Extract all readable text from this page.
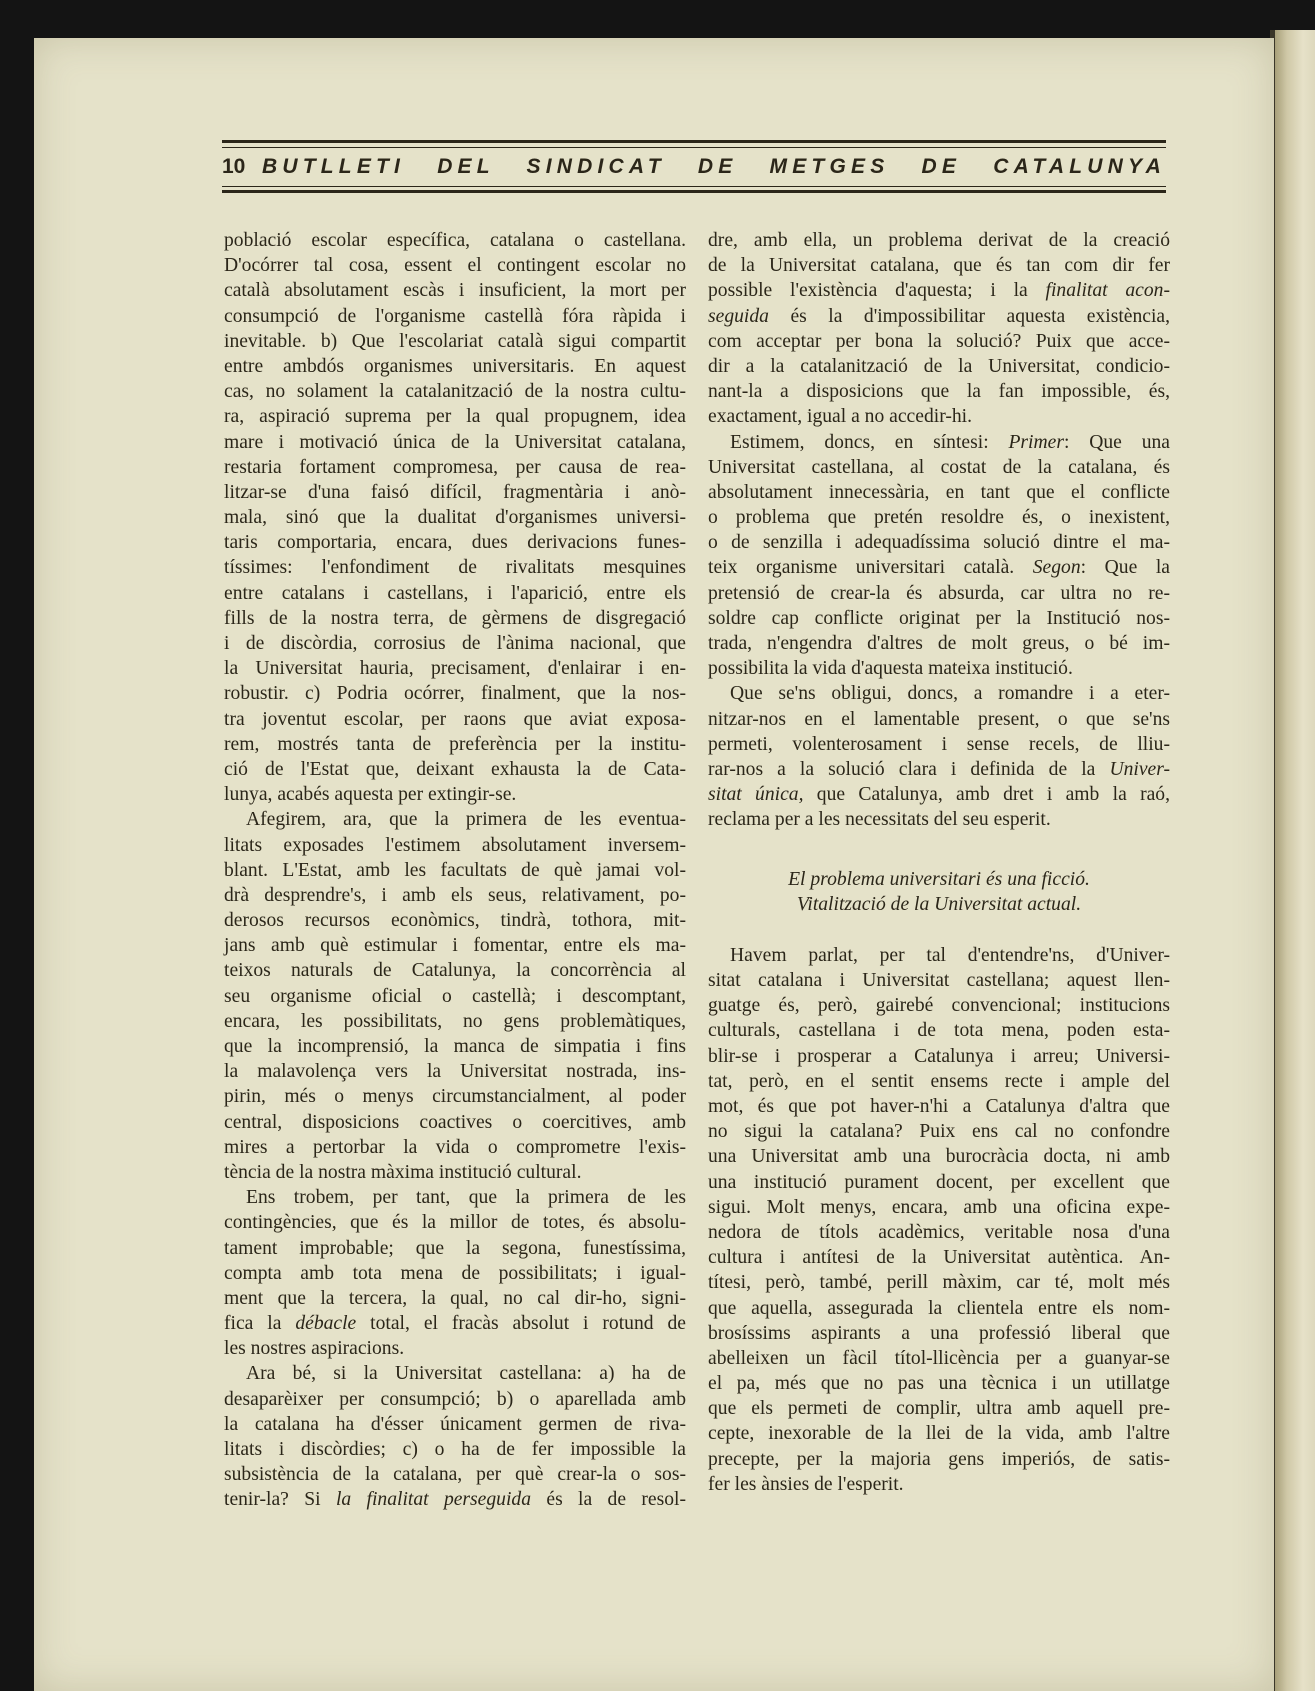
10 BUTLLETI DEL SINDICAT DE METGES DE CATALUNYA
població escolar específica, catalana o castellana.
D'ocórrer tal cosa, essent el contingent escolar no
català absolutament escàs i insuficient, la mort per
consumpció de l'organisme castellà fóra ràpida i
inevitable. b) Que l'escolariat català sigui compartit
entre ambdós organismes universitaris. En aquest
cas, no solament la catalanització de la nostra cultu-
ra, aspiració suprema per la qual propugnem, idea
mare i motivació única de la Universitat catalana,
restaria fortament compromesa, per causa de rea-
litzar-se d'una faisó difícil, fragmentària i anò-
mala, sinó que la dualitat d'organismes universi-
taris comportaria, encara, dues derivacions funes-
tíssimes: l'enfondiment de rivalitats mesquines
entre catalans i castellans, i l'aparició, entre els
fills de la nostra terra, de gèrmens de disgregació
i de discòrdia, corrosius de l'ànima nacional, que
la Universitat hauria, precisament, d'enlairar i en-
robustir. c) Podria ocórrer, finalment, que la nos-
tra joventut escolar, per raons que aviat exposa-
rem, mostrés tanta de preferència per la institu-
ció de l'Estat que, deixant exhausta la de Cata-
lunya, acabés aquesta per extingir-se.
Afegirem, ara, que la primera de les eventua-
litats exposades l'estimem absolutament inversem-
blant. L'Estat, amb les facultats de què jamai vol-
drà desprendre's, i amb els seus, relativament, po-
derosos recursos econòmics, tindrà, tothora, mit-
jans amb què estimular i fomentar, entre els ma-
teixos naturals de Catalunya, la concorrència al
seu organisme oficial o castellà; i descomptant,
encara, les possibilitats, no gens problemàtiques,
que la incomprensió, la manca de simpatia i fins
la malavolença vers la Universitat nostrada, ins-
pirin, més o menys circumstancialment, al poder
central, disposicions coactives o coercitives, amb
mires a pertorbar la vida o comprometre l'exis-
tència de la nostra màxima institució cultural.
Ens trobem, per tant, que la primera de les
contingències, que és la millor de totes, és absolu-
tament improbable; que la segona, funestíssima,
compta amb tota mena de possibilitats; i igual-
ment que la tercera, la qual, no cal dir-ho, signi-
fica la débacle total, el fracàs absolut i rotund de
les nostres aspiracions.
Ara bé, si la Universitat castellana: a) ha de
desaparèixer per consumpció; b) o aparellada amb
la catalana ha d'ésser únicament germen de riva-
litats i discòrdies; c) o ha de fer impossible la
subsistència de la catalana, per què crear-la o sos-
tenir-la? Si la finalitat perseguida és la de resol-
dre, amb ella, un problema derivat de la creació
de la Universitat catalana, que és tan com dir fer
possible l'existència d'aquesta; i la finalitat acon-
seguida és la d'impossibilitar aquesta existència,
com acceptar per bona la solució? Puix que acce-
dir a la catalanització de la Universitat, condicio-
nant-la a disposicions que la fan impossible, és,
exactament, igual a no accedir-hi.
Estimem, doncs, en síntesi: Primer: Que una
Universitat castellana, al costat de la catalana, és
absolutament innecessària, en tant que el conflicte
o problema que pretén resoldre és, o inexistent,
o de senzilla i adequadíssima solució dintre el ma-
teix organisme universitari català. Segon: Que la
pretensió de crear-la és absurda, car ultra no re-
soldre cap conflicte originat per la Institució nos-
trada, n'engendra d'altres de molt greus, o bé im-
possibilita la vida d'aquesta mateixa institució.
Que se'ns obligui, doncs, a romandre i a eter-
nitzar-nos en el lamentable present, o que se'ns
permeti, volenterosament i sense recels, de lliu-
rar-nos a la solució clara i definida de la Univer-
sitat única, que Catalunya, amb dret i amb la raó,
reclama per a les necessitats del seu esperit.
El problema universitari és una ficció.
Vitalització de la Universitat actual.
Havem parlat, per tal d'entendre'ns, d'Univer-
sitat catalana i Universitat castellana; aquest llen-
guatge és, però, gairebé convencional; institucions
culturals, castellana i de tota mena, poden esta-
blir-se i prosperar a Catalunya i arreu; Universi-
tat, però, en el sentit ensems recte i ample del
mot, és que pot haver-n'hi a Catalunya d'altra que
no sigui la catalana? Puix ens cal no confondre
una Universitat amb una burocràcia docta, ni amb
una institució purament docent, per excellent que
sigui. Molt menys, encara, amb una oficina expe-
nedora de títols acadèmics, veritable nosa d'una
cultura i antítesi de la Universitat autèntica. An-
títesi, però, també, perill màxim, car té, molt més
que aquella, assegurada la clientela entre els nom-
brosíssims aspirants a una professió liberal que
abelleixen un fàcil títol-llicència per a guanyar-se
el pa, més que no pas una tècnica i un utillatge
que els permeti de complir, ultra amb aquell pre-
cepte, inexorable de la llei de la vida, amb l'altre
precepte, per la majoria gens imperiós, de satis-
fer les ànsies de l'esperit.
